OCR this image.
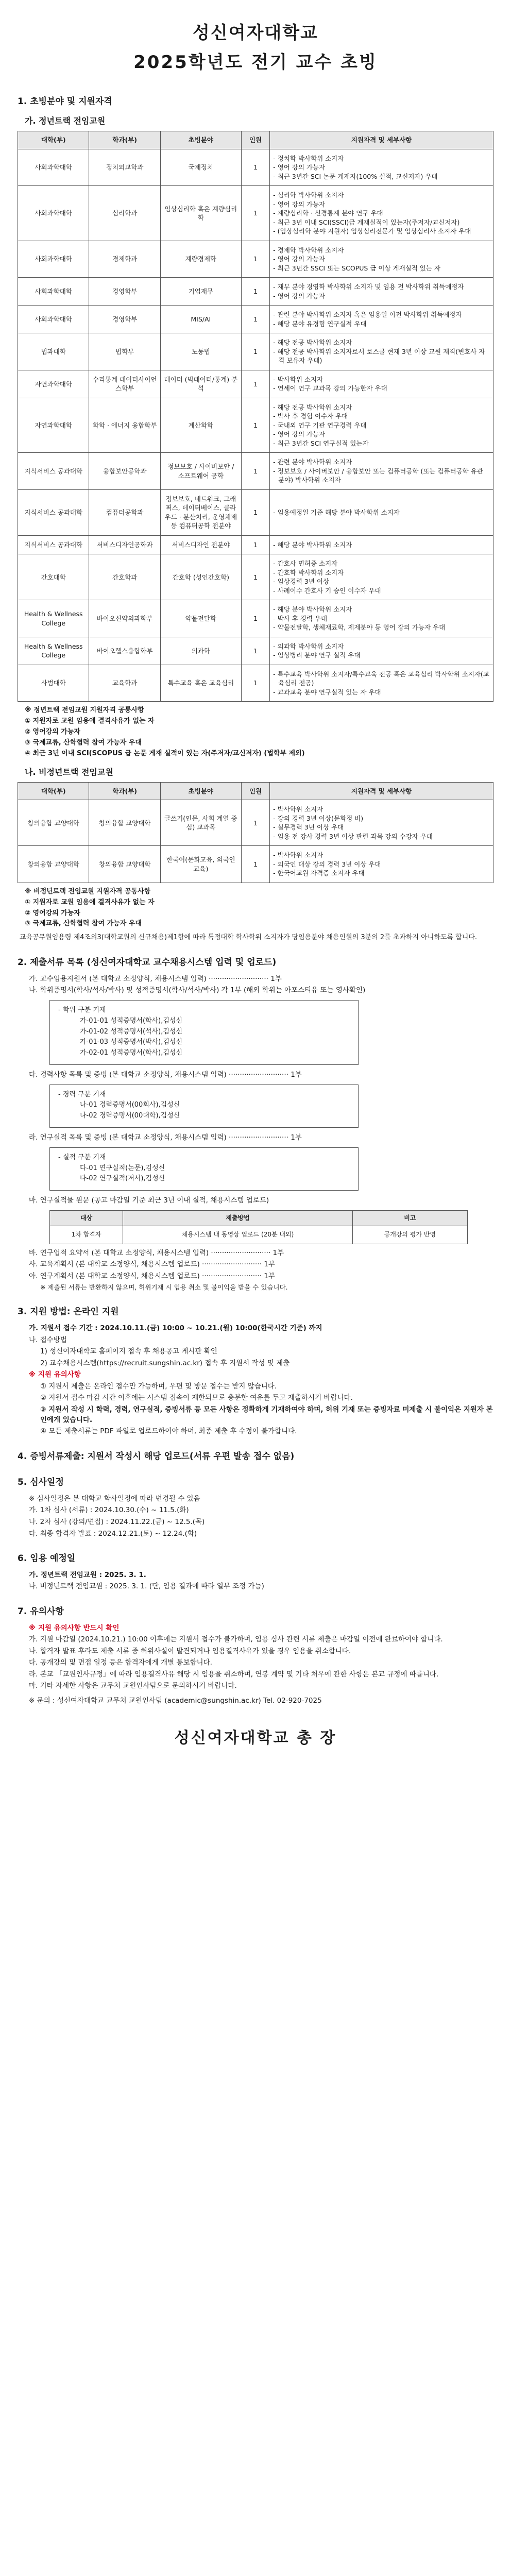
성신여자대학교
2025학년도 전기 교수 초빙
1. 초빙분야 및 지원자격
가. 정년트랙 전임교원
대학(부)	학과(부)	초빙분야	인원	지원자격 및 세부사항
사회과학대학	정치외교학과	국제정치	1	- 정치학 박사학위 소지자
- 영어 강의 가능자
- 최근 3년간 SCI 논문 게재자(100% 실적, 교신저자) 우대

사회과학대학	심리학과	임상심리학 혹은 계량심리학	1	- 심리학 박사학위 소지자
- 영어 강의 가능자
- 계량심리학 · 신경통계 분야 연구 우대
- 최근 3년 이내 SCI(SSCI)급 게재실적이 있는자(주저자/교신저자)
- (임상심리학 분야 지원자) 임상심리전문가 및 임상심리사 소지자 우대

사회과학대학	경제학과	계량경제학	1	- 경제학 박사학위 소지자
- 영어 강의 가능자
- 최근 3년간 SSCI 또는 SCOPUS 급 이상 게재실적 있는 자

사회과학대학	경영학부	기업재무	1	- 재무 분야 경영학 박사학위 소지자 및 임용 전 박사학위 취득예정자
- 영어 강의 가능자

사회과학대학	경영학부	MIS/AI	1	- 관련 분야 박사학위 소지자 혹은 임용일 이전 박사학위 취득예정자
- 해당 분야 유경험 연구실적 우대

법과대학	법학부	노동법	1	- 해당 전공 박사학위 소지자
- 해당 전공 박사학위 소지자로서 로스쿨 현재 3년 이상 교원 재직(변호사 자격 보유자 우대)

자연과학대학	수리통계 데이터사이언스학부	데이터 (빅데이터/통계) 분석	1	- 박사학위 소지자
- 연세이 연구 교과목 강의 가능한자 우대

자연과학대학	화학 · 에너지 융합학부	계산화학	1	- 해당 전공 박사학위 소지자
- 박사 후 경험 이수자 우대
- 국내외 연구 기관 연구경력 우대
- 영어 강의 가능자
- 최근 3년간 SCI 연구실적 있는자

지식서비스 공과대학	융합보안공학과	정보보호 / 사이버보안 / 소프트웨어 공학	1	- 관련 분야 박사학위 소지자
- 정보보호 / 사이버보안 / 융합보안 또는 컴퓨터공학 (또는 컴퓨터공학 유관 분야) 박사학위 소지자

지식서비스 공과대학	컴퓨터공학과	정보보호, 네트워크, 그래픽스, 데이터베이스, 클라우드 · 분산처리, 운영체제 등 컴퓨터공학 전분야	1	- 임용예정일 기준 해당 분야 박사학위 소지자

지식서비스 공과대학	서비스디자인공학과	서비스디자인 전분야	1	- 해당 분야 박사학위 소지자

간호대학	간호학과	간호학 (성인간호학)	1	- 간호사 면허증 소지자
- 간호학 박사학위 소지자
- 임상경력 3년 이상
- 사례이수 간호사 기 승인 이수자 우대

Health & Wellness College	바이오신약의과학부	약물전달학	1	- 해당 분야 박사학위 소지자
- 박사 후 경력 우대
- 약물전달학, 생체재료학, 제제분야 등 영어 강의 가능자 우대

Health & Wellness College	바이오헬스융합학부	의과학	1	- 의과학 박사학위 소지자
- 임상병리 분야 연구 실적 우대

사범대학	교육학과	특수교육 혹은 교육심리	1	- 특수교육 박사학위 소지자/특수교육 전공 혹은 교육심리 박사학위 소지자(교육심리 전공)
- 교과교육 분야 연구실적 있는 자 우대
※ 정년트랙 전임교원 지원자격 공통사항
① 지원자로 교원 임용에 결격사유가 없는 자
② 영어강의 가능자
③ 국제교류, 산학협력 참여 가능자 우대
④ 최근 3년 이내 SCI(SCOPUS 급 논문 게재 실적이 있는 자(주저자/교신저자) (법학부 제외)
나. 비정년트랙 전임교원
대학(부)	학과(부)	초빙분야	인원	지원자격 및 세부사항
창의융합 교양대학	창의융합 교양대학	글쓰기(인문, 사회 계열 중심) 교과목	1	- 박사학위 소지자
- 강의 경력 3년 이상(문화정 비)
- 실무경력 3년 이상 우대
- 임용 전 강사 경력 3년 이상 관련 과목 강의 수강자 우대

창의융합 교양대학	창의융합 교양대학	한국어(문화교육, 외국인교육)	1	- 박사학위 소지자
- 외국인 대상 강의 경력 3년 이상 우대
- 한국어교원 자격증 소지자 우대
※ 비정년트랙 전임교원 지원자격 공통사항
① 지원자로 교원 임용에 결격사유가 없는 자
② 영어강의 가능자
③ 국제교류, 산학협력 참여 가능자 우대
교육공무원임용령 제4조의3(대학교원의 신규채용)제1항에 따라 특정대학 학사학위 소지자가 당임용분야 채용인원의 3분의 2를 초과하지 아니하도록 합니다.
2. 제출서류 목록 (성신여자대학교 교수채용시스템 입력 및 업로드)
가. 교수임용지원서 (본 대학교 소정양식, 채용시스템 입력) ··························· 1부
나. 학위증명서(학사/석사/박사) 및 성적증명서(학사/석사/박사) 각 1부 (해외 학위는 아포스티유 또는 영사확인)
- 학위 구분 기재
가-01-01 성적증명서(학사),김성신
가-01-02 성적증명서(석사),김성신
가-01-03 성적증명서(박사),김성신
가-02-01 성적증명서(학사),김성신
다. 경력사항 목록 및 증빙 (본 대학교 소정양식, 채용시스템 입력) ··························· 1부
- 경력 구분 기재
나-01 경력증명서(00회사),김성신
나-02 경력증명서(00대학),김성신
라. 연구실적 목록 및 증빙 (본 대학교 소정양식, 채용시스템 입력) ··························· 1부
- 실적 구분 기재
다-01 연구실적(논문),김성신
다-02 연구실적(저서),김성신
마. 연구실적물 원문 (공고 마감일 기준 최근 3년 이내 실적, 채용시스템 업로드)
대상	제출방법	비고
1차 합격자	채용시스템 내 동영상 업로드 (20분 내외)	공개강의 평가 반영
바. 연구업적 요약서 (본 대학교 소정양식, 채용시스템 입력) ··························· 1부
사. 교육계획서 (본 대학교 소정양식, 채용시스템 업로드) ··························· 1부
아. 연구계획서 (본 대학교 소정양식, 채용시스템 업로드) ··························· 1부
※ 제출된 서류는 반환하지 않으며, 허위기재 시 임용 취소 및 불이익을 받을 수 있습니다.
3. 지원 방법: 온라인 지원
가. 지원서 접수 기간 : 2024.10.11.(금) 10:00 ~ 10.21.(월) 10:00(한국시간 기준) 까지
나. 접수방법
1) 성신여자대학교 홈페이지 접속 후 채용공고 게시판 확인
2) 교수채용시스템(https://recruit.sungshin.ac.kr) 접속 후 지원서 작성 및 제출
※ 지원 유의사항
① 지원서 제출은 온라인 접수만 가능하며, 우편 및 방문 접수는 받지 않습니다.
② 지원서 접수 마감 시간 이후에는 시스템 접속이 제한되므로 충분한 여유를 두고 제출하시기 바랍니다.
③ 지원서 작성 시 학력, 경력, 연구실적, 증빙서류 등 모든 사항은 정확하게 기재하여야 하며, 허위 기재 또는 증빙자료 미제출 시 불이익은 지원자 본인에게 있습니다.
④ 모든 제출서류는 PDF 파일로 업로드하여야 하며, 최종 제출 후 수정이 불가합니다.
4. 증빙서류제출: 지원서 작성시 해당 업로드(서류 우편 발송 접수 없음)
5. 심사일정
※ 심사일정은 본 대학교 학사일정에 따라 변경될 수 있음
가. 1차 심사 (서류) : 2024.10.30.(수) ~ 11.5.(화)
나. 2차 심사 (강의/면접) : 2024.11.22.(금) ~ 12.5.(목)
다. 최종 합격자 발표 : 2024.12.21.(토) ~ 12.24.(화)
6. 임용 예정일
가. 정년트랙 전임교원 : 2025. 3. 1.
나. 비정년트랙 전임교원 : 2025. 3. 1. (단, 임용 결과에 따라 일부 조정 가능)
7. 유의사항
※ 지원 유의사항 반드시 확인
가. 지원 마감일 (2024.10.21.) 10:00 이후에는 지원서 접수가 불가하며, 임용 심사 관련 서류 제출은 마감일 이전에 완료하여야 합니다.
나. 합격자 발표 후라도 제출 서류 중 허위사실이 발견되거나 임용결격사유가 있을 경우 임용을 취소합니다.
다. 공개강의 및 면접 일정 등은 합격자에게 개별 통보합니다.
라. 본교 「교원인사규정」에 따라 임용결격사유 해당 시 임용을 취소하며, 연봉 계약 및 기타 처우에 관한 사항은 본교 규정에 따릅니다.
마. 기타 자세한 사항은 교무처 교원인사팀으로 문의하시기 바랍니다.
※ 문의 : 성신여자대학교 교무처 교원인사팀 (academic@sungshin.ac.kr) Tel. 02-920-7025
성신여자대학교 총 장
